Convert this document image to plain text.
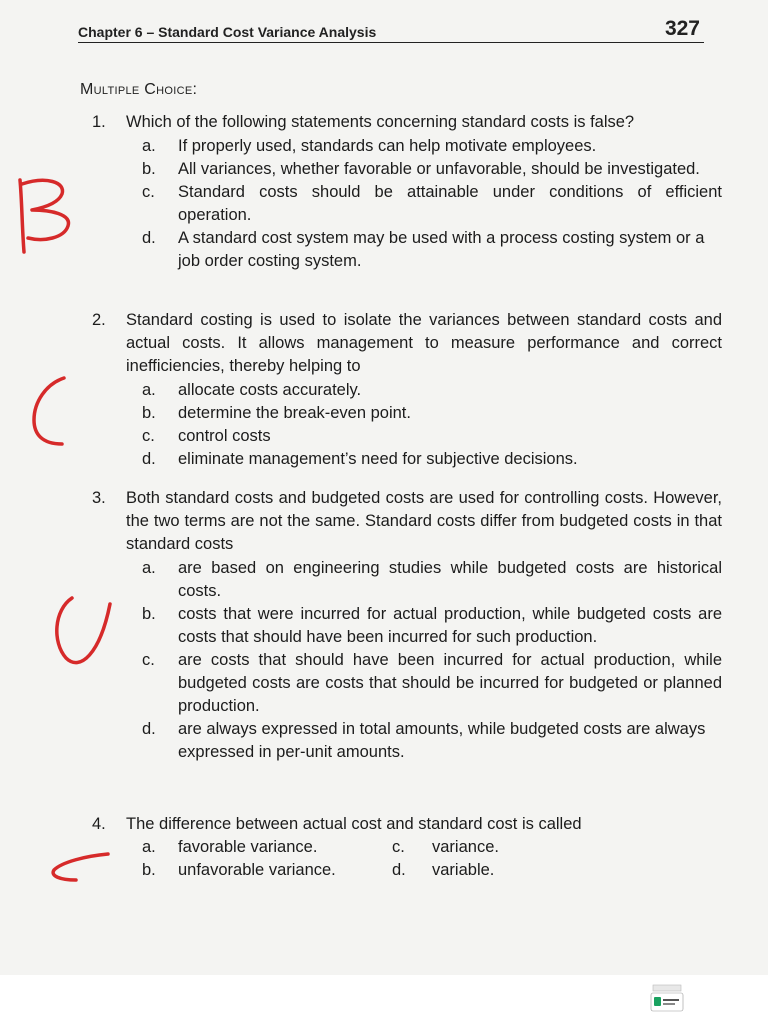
Chapter 6 – Standard Cost Variance Analysis	327
Multiple Choice:
1.	Which of the following statements concerning standard costs is false?
a.	If properly used, standards can help motivate employees.
b.	All variances, whether favorable or unfavorable, should be investigated.
c.	Standard costs should be attainable under conditions of efficient operation.
d.	A standard cost system may be used with a process costing system or a job order costing system.
2.	Standard costing is used to isolate the variances between standard costs and actual costs. It allows management to measure performance and correct inefficiencies, thereby helping to
a.	allocate costs accurately.
b.	determine the break-even point.
c.	control costs
d.	eliminate management’s need for subjective decisions.
3.	Both standard costs and budgeted costs are used for controlling costs. However, the two terms are not the same. Standard costs differ from budgeted costs in that standard costs
a.	are based on engineering studies while budgeted costs are historical costs.
b.	costs that were incurred for actual production, while budgeted costs are costs that should have been incurred for such production.
c.	are costs that should have been incurred for actual production, while budgeted costs are costs that should be incurred for budgeted or planned production.
d.	are always expressed in total amounts, while budgeted costs are always expressed in per-unit amounts.
4.	The difference between actual cost and standard cost is called
a.	favorable variance.	c.	variance.
b.	unfavorable variance.	d.	variable.
